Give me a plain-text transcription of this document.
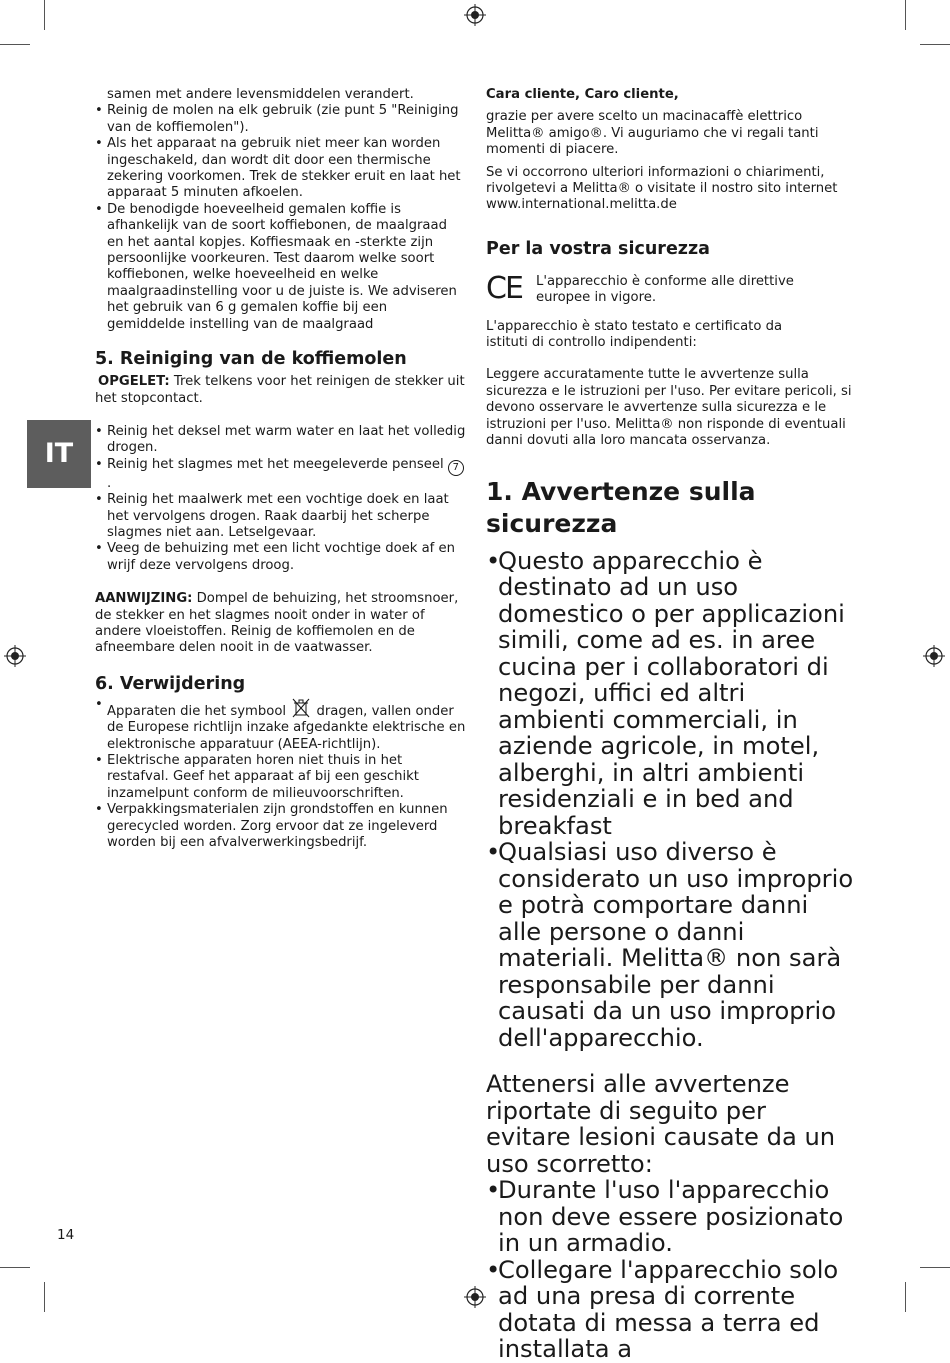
IT
14

samen met andere levensmiddelen verandert.

• Reinig de molen na elk gebruik (zie punt 5 "Reiniging van de koffiemolen").
• Als het apparaat na gebruik niet meer kan worden ingeschakeld, dan wordt dit door een thermische zekering voorkomen. Trek de stekker eruit en laat het apparaat 5 minuten afkoelen.
• De benodigde hoeveelheid gemalen koffie is afhankelijk van de soort koffiebonen, de maalgraad en het aantal kopjes. Koffiesmaak en -sterkte zijn persoonlijke voorkeuren. Test daarom welke soort koffiebonen, welke hoeveelheid en welke maalgraadinstelling voor u de juiste is. We adviseren het gebruik van 6 g gemalen koffie bij een gemiddelde instelling van de maalgraad
5. Reiniging van de koffiemolen

OPGELET: Trek telkens voor het reinigen de stekker uit het stopcontact.

• Reinig het deksel met warm water en laat het volledig drogen.
• Reinig het slagmes met het meegeleverde penseel 7.
• Reinig het maalwerk met een vochtige doek en laat het vervolgens drogen. Raak daarbij het scherpe slagmes niet aan. Letselgevaar.
• Veeg de behuizing met een licht vochtige doek af en wrijf deze vervolgens droog.

AANWIJZING: Dompel de behuizing, het stroomsnoer, de stekker en het slagmes nooit onder in water of andere vloeistoffen. Reinig de koffiemolen en de afneembare delen nooit in de vaatwasser.

6. Verwijdering
• Apparaten die het symbool dragen, vallen onder de Europese richtlijn inzake afgedankte elektrische en elektronische apparatuur (AEEA-richtlijn).
• Elektrische apparaten horen niet thuis in het restafval. Geef het apparaat af bij een geschikt inzamelpunt conform de milieuvoorschriften.
• Verpakkingsmaterialen zijn grondstoffen en kunnen gerecycled worden. Zorg ervoor dat ze ingeleverd worden bij een afvalverwerkingsbedrijf.

Cara cliente, Caro cliente,

grazie per avere scelto un macinacaffè elettrico Melitta® amigo®. Vi auguriamo che vi regali tanti momenti di piacere.

Se vi occorrono ulteriori informazioni o chiarimenti, rivolgetevi a Melitta® o visitate il nostro sito internet www.international.melitta.de

Per la vostra sicurezza
CE	L'apparecchio è conforme alle direttive europee in vigore.

L'apparecchio è stato testato e certificato da istituti di controllo indipendenti:

Leggere accuratamente tutte le avvertenze sulla sicurezza e le istruzioni per l'uso. Per evitare pericoli, si devono osservare le avvertenze sulla sicurezza e le istruzioni per l'uso. Melitta® non risponde di eventuali danni dovuti alla loro mancata osservanza.

1. Avvertenze sulla sicurezza
• Questo apparecchio è destinato ad un uso domestico o per applicazioni simili, come ad es. in aree cucina per i collaboratori di negozi, uffici ed altri ambienti commerciali, in aziende agricole, in motel, alberghi, in altri ambienti residenziali e in bed and breakfast
• Qualsiasi uso diverso è considerato un uso improprio e potrà comportare danni alle persone o danni materiali. Melitta® non sarà responsabile per danni causati da un uso improprio dell'apparecchio.

Attenersi alle avvertenze riportate di seguito per evitare lesioni causate da un uso scorretto:

• Durante l'uso l'apparecchio non deve essere posizionato in un armadio.
• Collegare l'apparecchio solo ad una presa di corrente dotata di messa a terra ed installata a
